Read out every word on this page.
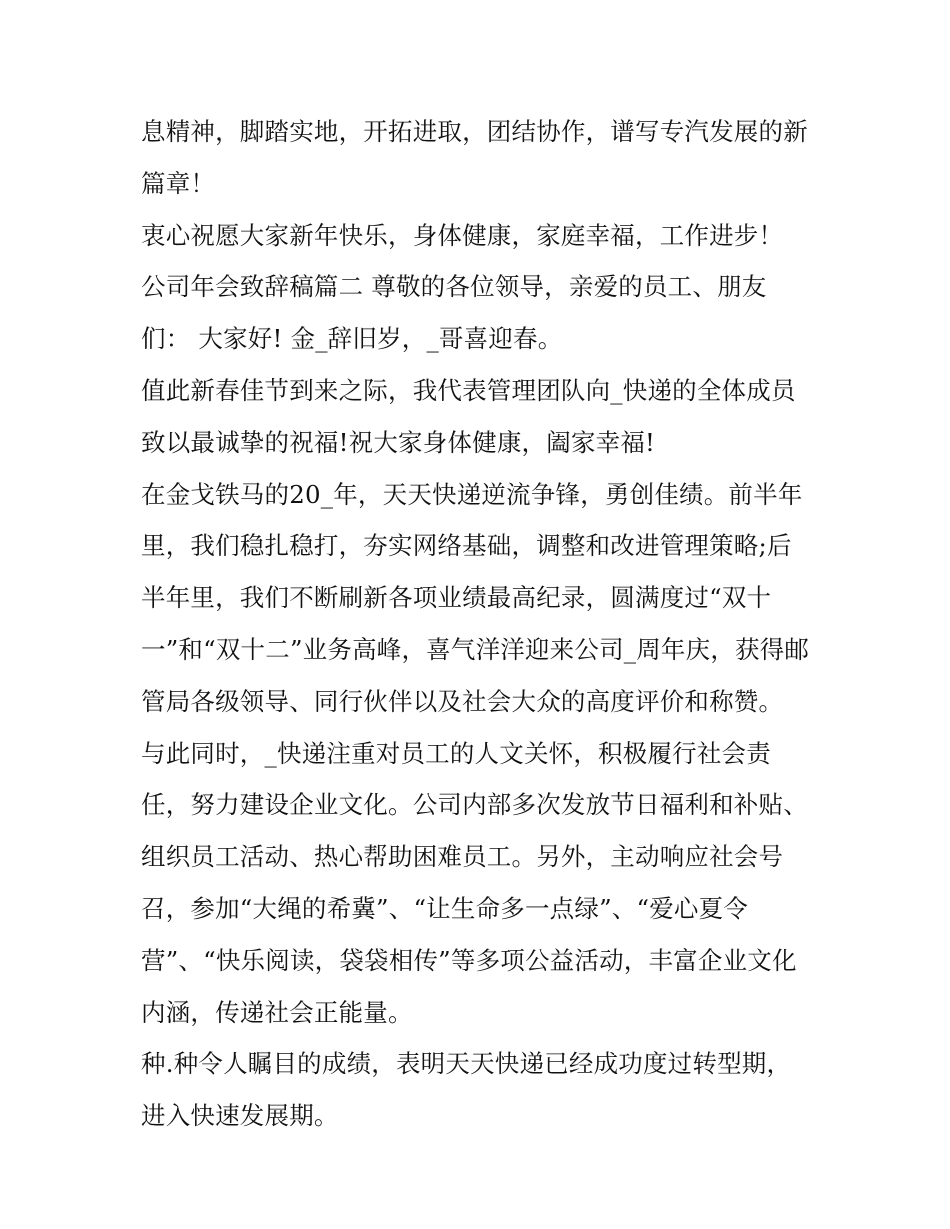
息精神，脚踏实地，开拓进取，团结协作，谱写专汽发展的新
篇章！
衷心祝愿大家新年快乐，身体健康，家庭幸福，工作进步！
公司年会致辞稿篇二 尊敬的各位领导，亲爱的员工、朋友
们： 大家好! 金_辞旧岁，_哥喜迎春。
值此新春佳节到来之际，我代表管理团队向_快递的全体成员
致以最诚挚的祝福!祝大家身体健康，阖家幸福!
在金戈铁马的20_年，天天快递逆流争锋，勇创佳绩。前半年
里，我们稳扎稳打，夯实网络基础，调整和改进管理策略;后
半年里，我们不断刷新各项业绩最高纪录，圆满度过“双十
一”和“双十二”业务高峰，喜气洋洋迎来公司_周年庆，获得邮
管局各级领导、同行伙伴以及社会大众的高度评价和称赞。
与此同时，_快递注重对员工的人文关怀，积极履行社会责
任，努力建设企业文化。公司内部多次发放节日福利和补贴、
组织员工活动、热心帮助困难员工。另外，主动响应社会号
召，参加“大绳的希冀”、“让生命多一点绿”、“爱心夏令
营”、“快乐阅读，袋袋相传”等多项公益活动，丰富企业文化
内涵，传递社会正能量。
种.种令人瞩目的成绩，表明天天快递已经成功度过转型期，
进入快速发展期。
